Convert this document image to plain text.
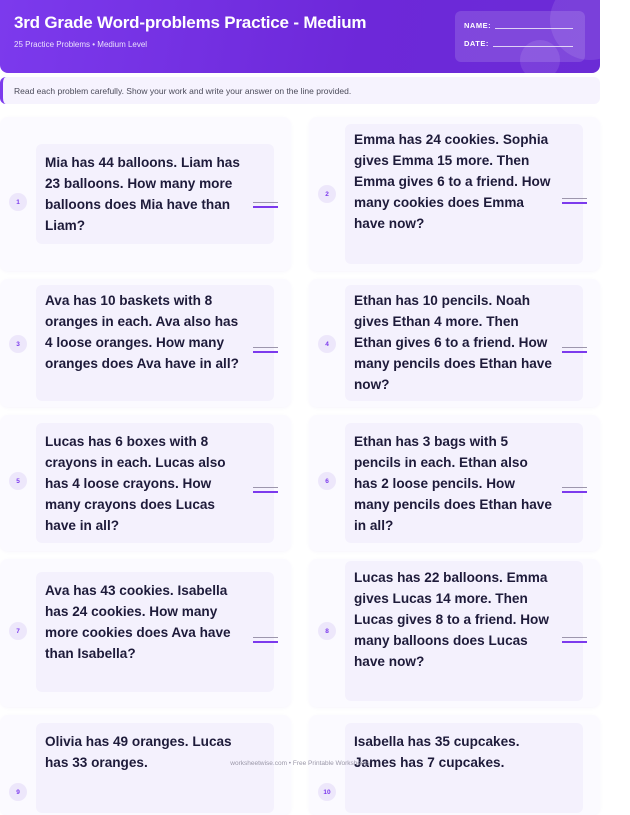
3rd Grade Word-problems Practice - Medium
25 Practice Problems • Medium Level
NAME:
DATE:
Read each problem carefully. Show your work and write your answer on the line provided.
1
Mia has 44 balloons. Liam has 23 balloons. How many more balloons does Mia have than Liam?
2
Emma has 24 cookies. Sophia gives Emma 15 more. Then Emma gives 6 to a friend. How many cookies does Emma have now?
3
Ava has 10 baskets with 8 oranges in each. Ava also has 4 loose oranges. How many oranges does Ava have in all?
4
Ethan has 10 pencils. Noah gives Ethan 4 more. Then Ethan gives 6 to a friend. How many pencils does Ethan have now?
5
Lucas has 6 boxes with 8 crayons in each. Lucas also has 4 loose crayons. How many crayons does Lucas have in all?
6
Ethan has 3 bags with 5 pencils in each. Ethan also has 2 loose pencils. How many pencils does Ethan have in all?
7
Ava has 43 cookies. Isabella has 24 cookies. How many more cookies does Ava have than Isabella?
8
Lucas has 22 balloons. Emma gives Lucas 14 more. Then Lucas gives 8 to a friend. How many balloons does Lucas have now?
9
Olivia has 49 oranges. Lucas has 33 oranges.
10
Isabella has 35 cupcakes. James has 7 cupcakes.
worksheetwise.com • Free Printable Worksheets
